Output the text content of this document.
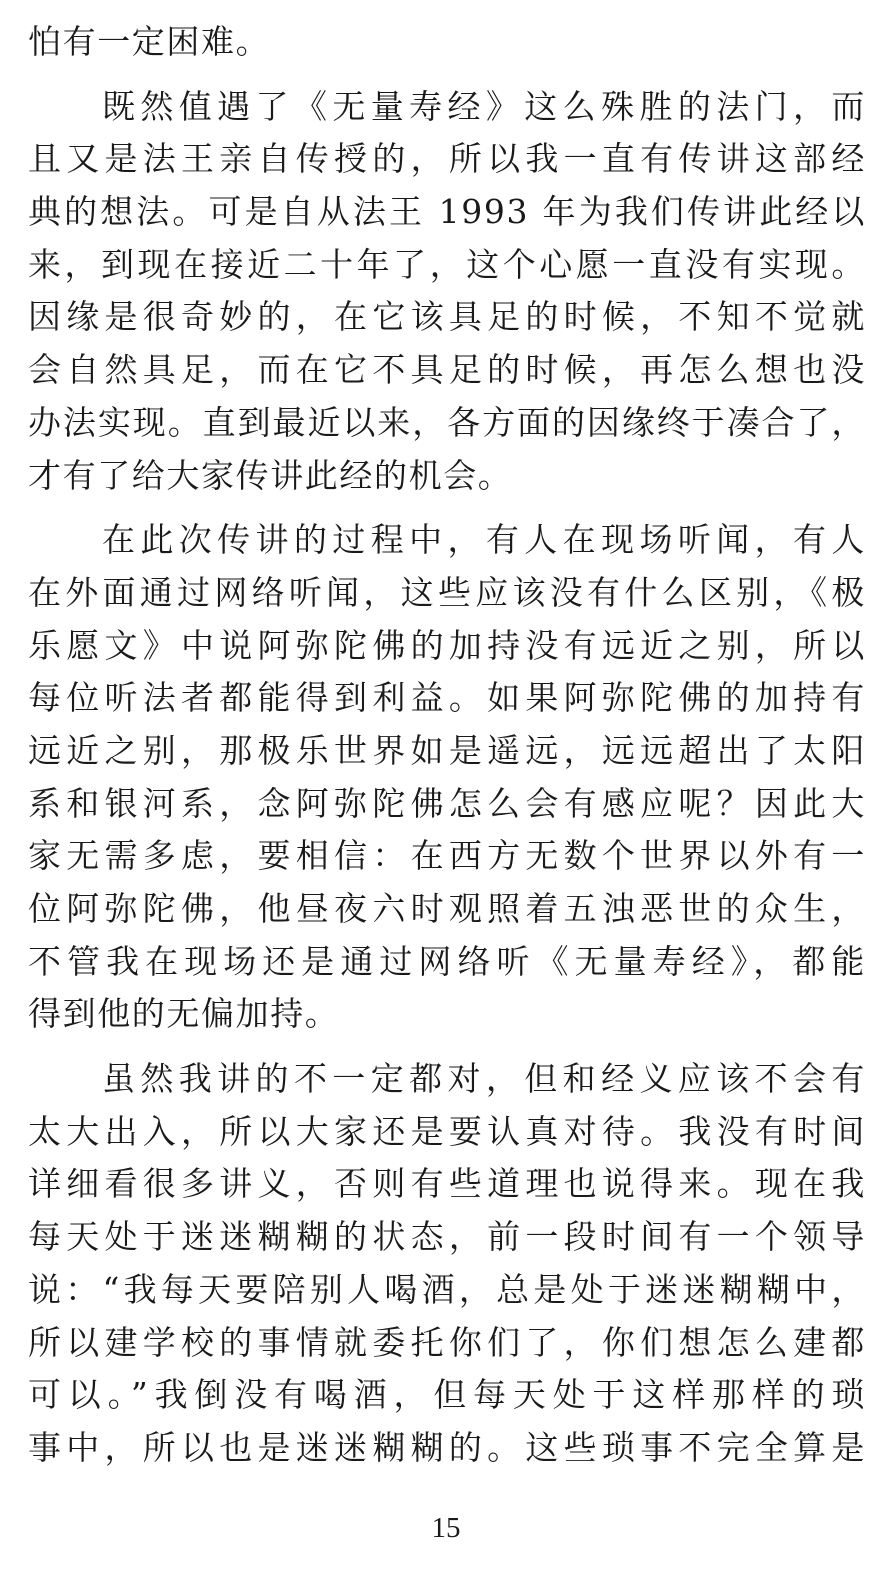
怕有一定困难。
既然值遇了《无量寿经》这么殊胜的法门，而
且又是法王亲自传授的，所以我一直有传讲这部经
典的想法。可是自从法王 1993 年为我们传讲此经以
来，到现在接近二十年了，这个心愿一直没有实现。
因缘是很奇妙的，在它该具足的时候，不知不觉就
会自然具足，而在它不具足的时候，再怎么想也没
办法实现。直到最近以来，各方面的因缘终于凑合了，
才有了给大家传讲此经的机会。
在此次传讲的过程中，有人在现场听闻，有人
在外面通过网络听闻，这些应该没有什么区别，《极
乐愿文》中说阿弥陀佛的加持没有远近之别，所以
每位听法者都能得到利益。如果阿弥陀佛的加持有
远近之别，那极乐世界如是遥远，远远超出了太阳
系和银河系，念阿弥陀佛怎么会有感应呢？因此大
家无需多虑，要相信：在西方无数个世界以外有一
位阿弥陀佛，他昼夜六时观照着五浊恶世的众生，
不管我在现场还是通过网络听《无量寿经》，都能
得到他的无偏加持。
虽然我讲的不一定都对，但和经义应该不会有
太大出入，所以大家还是要认真对待。我没有时间
详细看很多讲义，否则有些道理也说得来。现在我
每天处于迷迷糊糊的状态，前一段时间有一个领导
说：“我每天要陪别人喝酒，总是处于迷迷糊糊中，
所以建学校的事情就委托你们了，你们想怎么建都
可以。”我倒没有喝酒，但每天处于这样那样的琐
事中，所以也是迷迷糊糊的。这些琐事不完全算是
15
